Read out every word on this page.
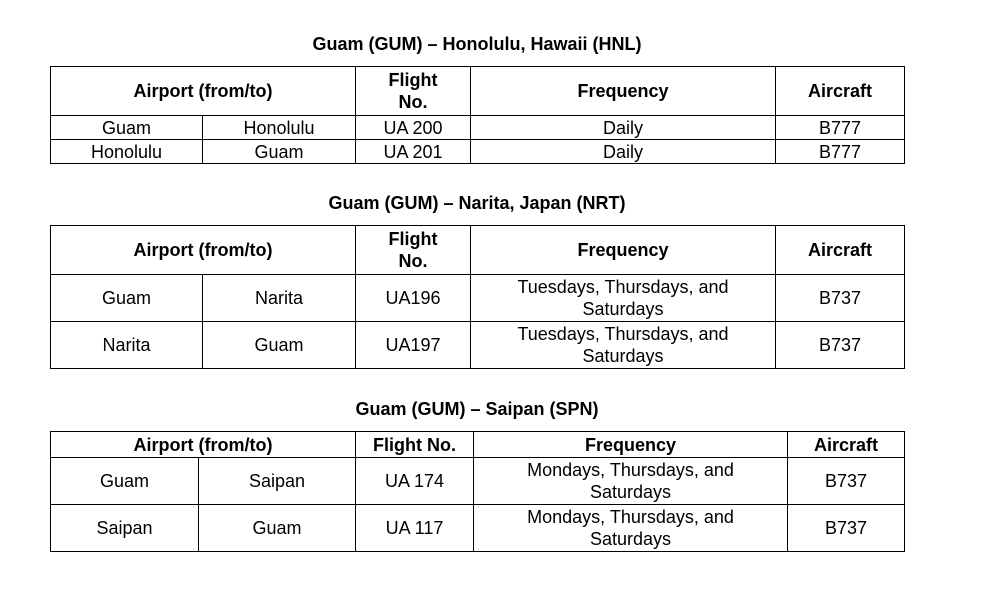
Guam (GUM) – Honolulu, Hawaii (HNL)
Airport (from/to)		Flight No.	Frequency	Aircraft
Guam	Honolulu	UA 200	Daily	B777
Honolulu	Guam	UA 201	Daily	B777
Guam (GUM) – Narita, Japan (NRT)
Airport (from/to)		Flight No.	Frequency	Aircraft
Guam	Narita	UA196	Tuesdays, Thursdays, and Saturdays	B737
Narita	Guam	UA197	Tuesdays, Thursdays, and Saturdays	B737
Guam (GUM) – Saipan (SPN)
Airport (from/to)		Flight No.	Frequency	Aircraft
Guam	Saipan	UA 174	Mondays, Thursdays, and Saturdays	B737
Saipan	Guam	UA 117	Mondays, Thursdays, and Saturdays	B737
